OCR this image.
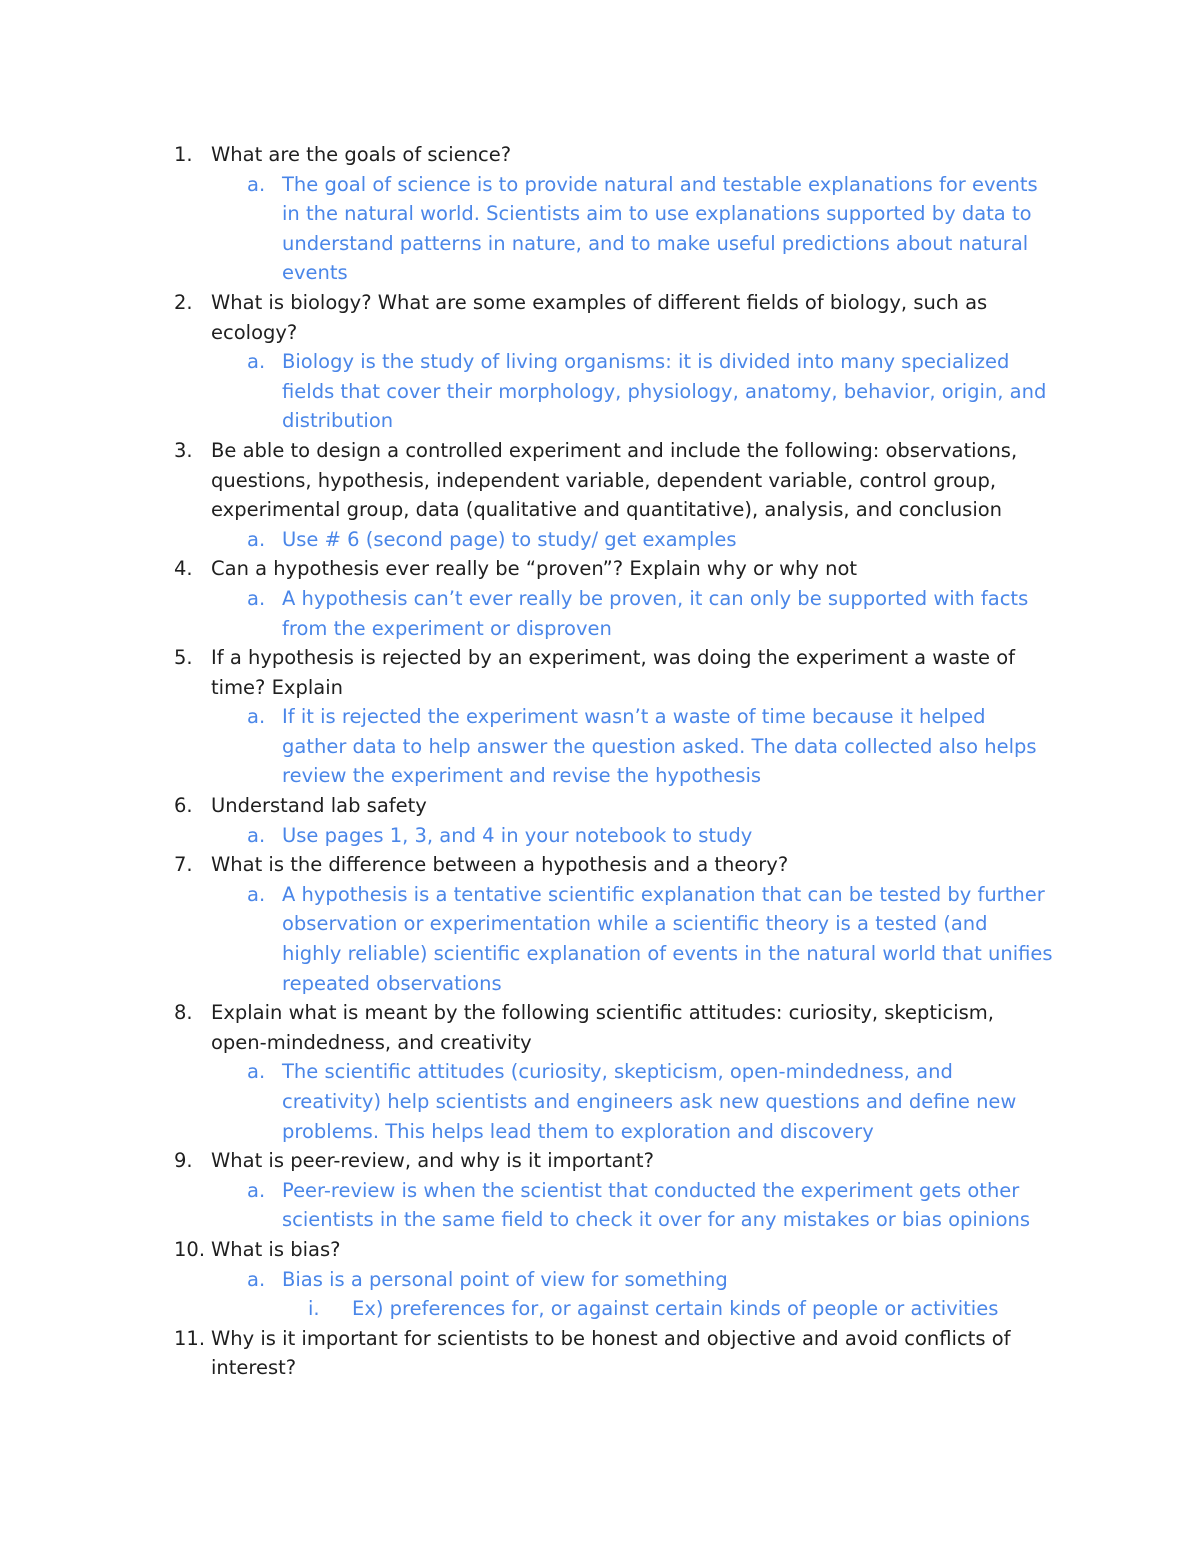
1. What are the goals of science?
a. The goal of science is to provide natural and testable explanations for events
in the natural world. Scientists aim to use explanations supported by data to
understand patterns in nature, and to make useful predictions about natural
events
2. What is biology? What are some examples of different fields of biology, such as
ecology?
a. Biology is the study of living organisms: it is divided into many specialized
fields that cover their morphology, physiology, anatomy, behavior, origin, and
distribution
3. Be able to design a controlled experiment and include the following: observations,
questions, hypothesis, independent variable, dependent variable, control group,
experimental group, data (qualitative and quantitative), analysis, and conclusion
a. Use # 6 (second page) to study/ get examples
4. Can a hypothesis ever really be “proven”? Explain why or why not
a. A hypothesis can’t ever really be proven, it can only be supported with facts
from the experiment or disproven
5. If a hypothesis is rejected by an experiment, was doing the experiment a waste of
time? Explain
a. If it is rejected the experiment wasn’t a waste of time because it helped
gather data to help answer the question asked. The data collected also helps
review the experiment and revise the hypothesis
6. Understand lab safety
a. Use pages 1, 3, and 4 in your notebook to study
7. What is the difference between a hypothesis and a theory?
a. A hypothesis is a tentative scientific explanation that can be tested by further
observation or experimentation while a scientific theory is a tested (and
highly reliable) scientific explanation of events in the natural world that unifies
repeated observations
8. Explain what is meant by the following scientific attitudes: curiosity, skepticism,
open-mindedness, and creativity
a. The scientific attitudes (curiosity, skepticism, open-mindedness, and
creativity) help scientists and engineers ask new questions and define new
problems. This helps lead them to exploration and discovery
9. What is peer-review, and why is it important?
a. Peer-review is when the scientist that conducted the experiment gets other
scientists in the same field to check it over for any mistakes or bias opinions
10. What is bias?
a. Bias is a personal point of view for something
i. Ex) preferences for, or against certain kinds of people or activities
11. Why is it important for scientists to be honest and objective and avoid conflicts of
interest?
